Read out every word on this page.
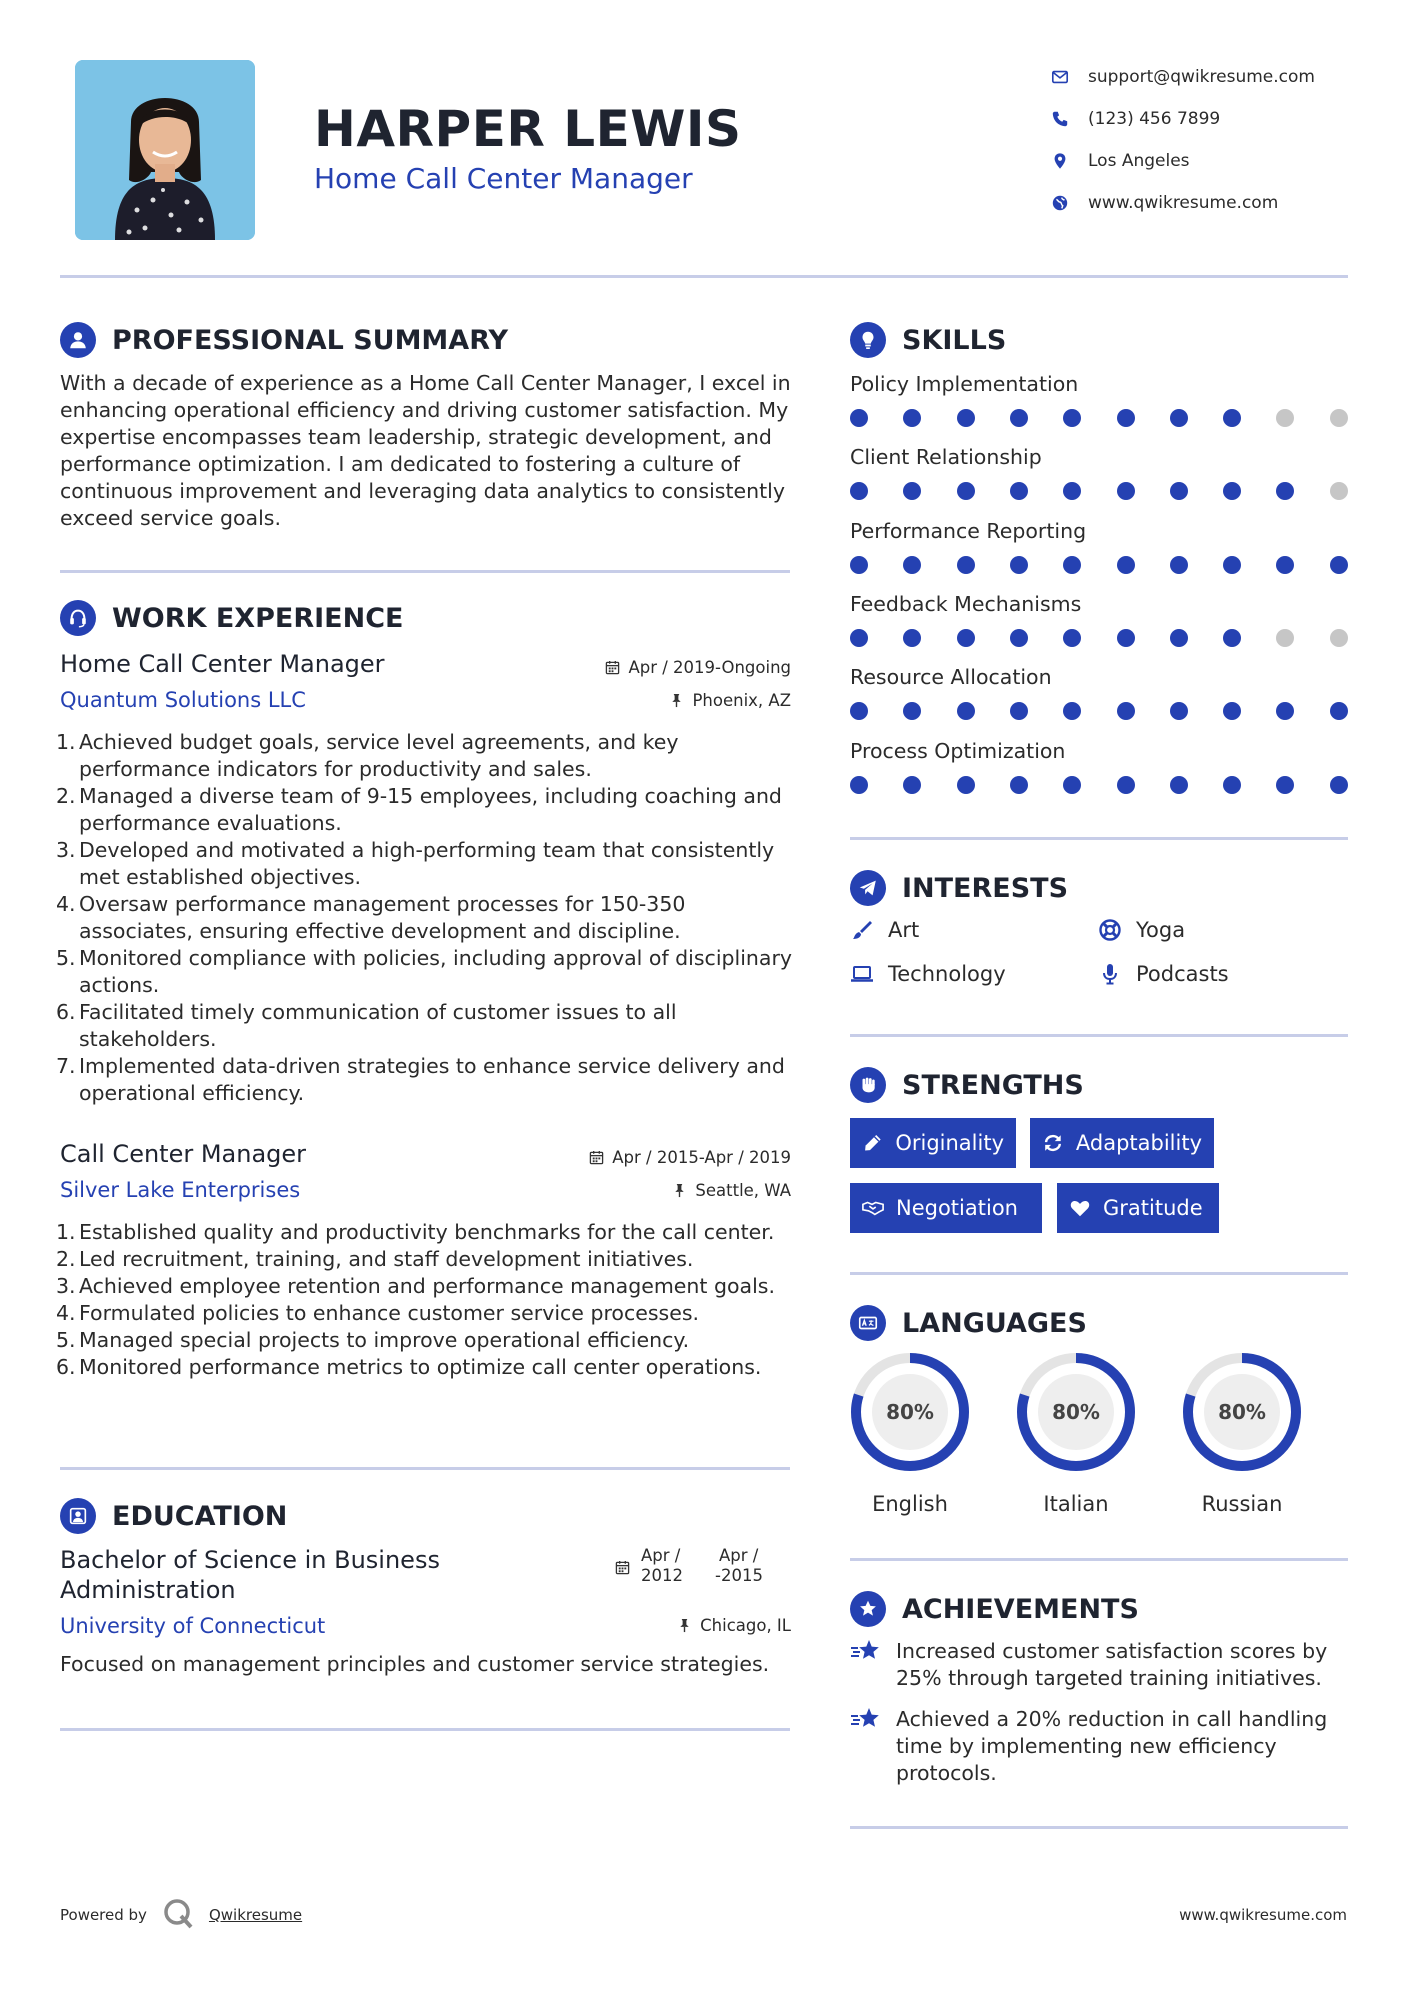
HARPER LEWIS
Home Call Center Manager
support@qwikresume.com
(123) 456 7899
Los Angeles
www.qwikresume.com
PROFESSIONAL SUMMARY
With a decade of experience as a Home Call Center Manager, I excel in enhancing operational efficiency and driving customer satisfaction. My expertise encompasses team leadership, strategic development, and performance optimization. I am dedicated to fostering a culture of continuous improvement and leveraging data analytics to consistently exceed service goals.
WORK EXPERIENCE
Home Call Center Manager	Apr / 2019-Ongoing
Quantum Solutions LLC	Phoenix, AZ
1. Achieved budget goals, service level agreements, and key performance indicators for productivity and sales.
2. Managed a diverse team of 9-15 employees, including coaching and performance evaluations.
3. Developed and motivated a high-performing team that consistently met established objectives.
4. Oversaw performance management processes for 150-350 associates, ensuring effective development and discipline.
5. Monitored compliance with policies, including approval of disciplinary actions.
6. Facilitated timely communication of customer issues to all stakeholders.
7. Implemented data-driven strategies to enhance service delivery and operational efficiency.
Call Center Manager	Apr / 2015-Apr / 2019
Silver Lake Enterprises	Seattle, WA
1. Established quality and productivity benchmarks for the call center.
2. Led recruitment, training, and staff development initiatives.
3. Achieved employee retention and performance management goals.
4. Formulated policies to enhance customer service processes.
5. Managed special projects to improve operational efficiency.
6. Monitored performance metrics to optimize call center operations.
EDUCATION
Bachelor of Science in Business
Administration
Apr /
2012
Apr /
-2015
University of Connecticut	Chicago, IL
Focused on management principles and customer service strategies.
SKILLS
Policy Implementation
Client Relationship
Performance Reporting
Feedback Mechanisms
Resource Allocation
Process Optimization
INTERESTS
Art	Yoga
Technology	Podcasts
STRENGTHS
Originality	Adaptability
Negotiation	Gratitude
LANGUAGES
80%
English
80%
Italian
80%
Russian
ACHIEVEMENTS
Increased customer satisfaction scores by 25% through targeted training initiatives.
Achieved a 20% reduction in call handling time by implementing new efficiency protocols.
Powered by	Qwikresume	www.qwikresume.com
